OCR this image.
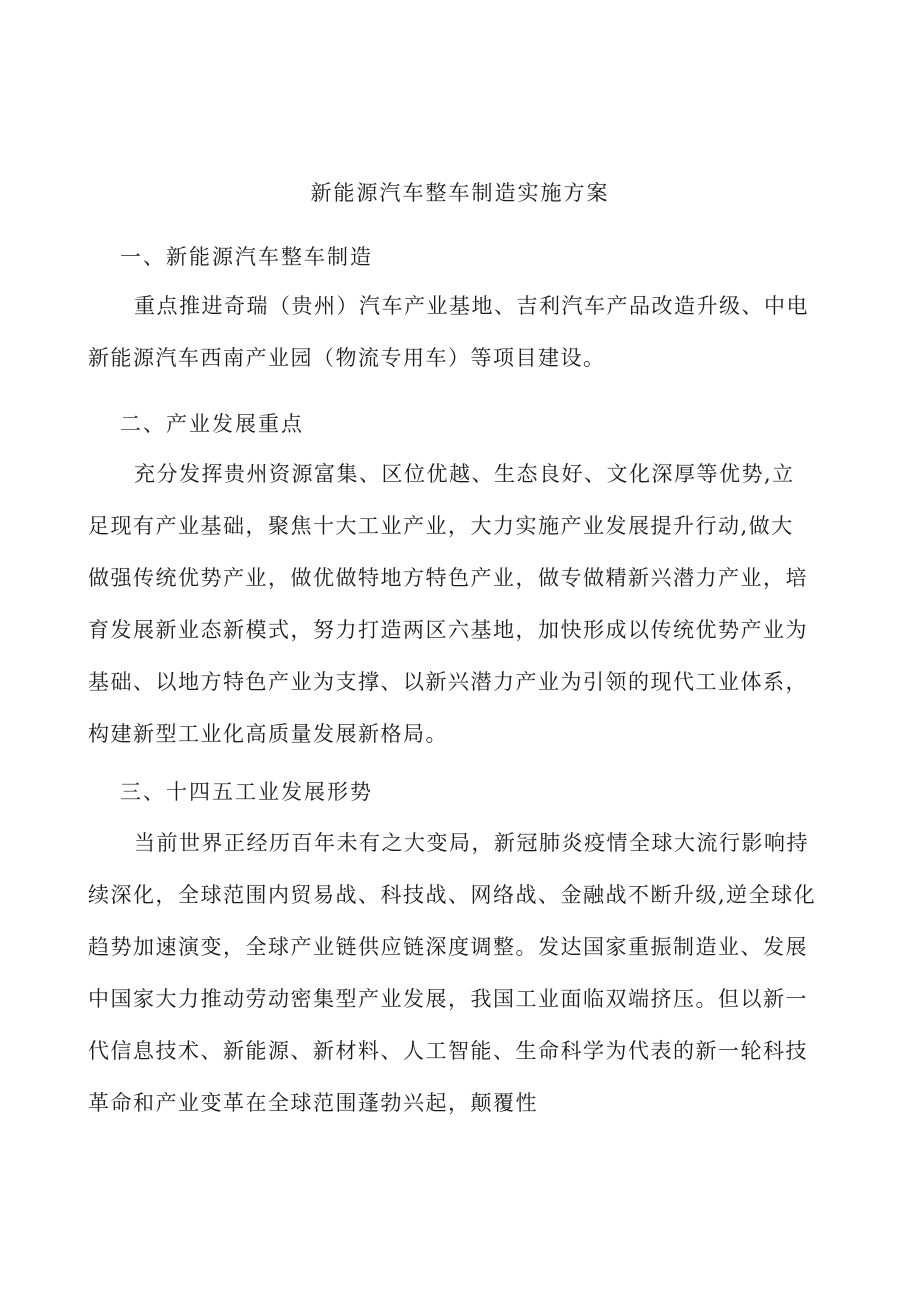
新能源汽车整车制造实施方案
一、新能源汽车整车制造
重点推进奇瑞（贵州）汽车产业基地、吉利汽车产品改造升级、中电
新能源汽车西南产业园（物流专用车）等项目建设。
二、产业发展重点
充分发挥贵州资源富集、区位优越、生态良好、文化深厚等优势,立
足现有产业基础，聚焦十大工业产业，大力实施产业发展提升行动,做大
做强传统优势产业，做优做特地方特色产业，做专做精新兴潜力产业，培
育发展新业态新模式，努力打造两区六基地，加快形成以传统优势产业为
基础、以地方特色产业为支撑、以新兴潜力产业为引领的现代工业体系，
构建新型工业化高质量发展新格局。
三、十四五工业发展形势
当前世界正经历百年未有之大变局，新冠肺炎疫情全球大流行影响持
续深化，全球范围内贸易战、科技战、网络战、金融战不断升级,逆全球化
趋势加速演变，全球产业链供应链深度调整。发达国家重振制造业、发展
中国家大力推动劳动密集型产业发展，我国工业面临双端挤压。但以新一
代信息技术、新能源、新材料、人工智能、生命科学为代表的新一轮科技
革命和产业变革在全球范围蓬勃兴起，颠覆性
